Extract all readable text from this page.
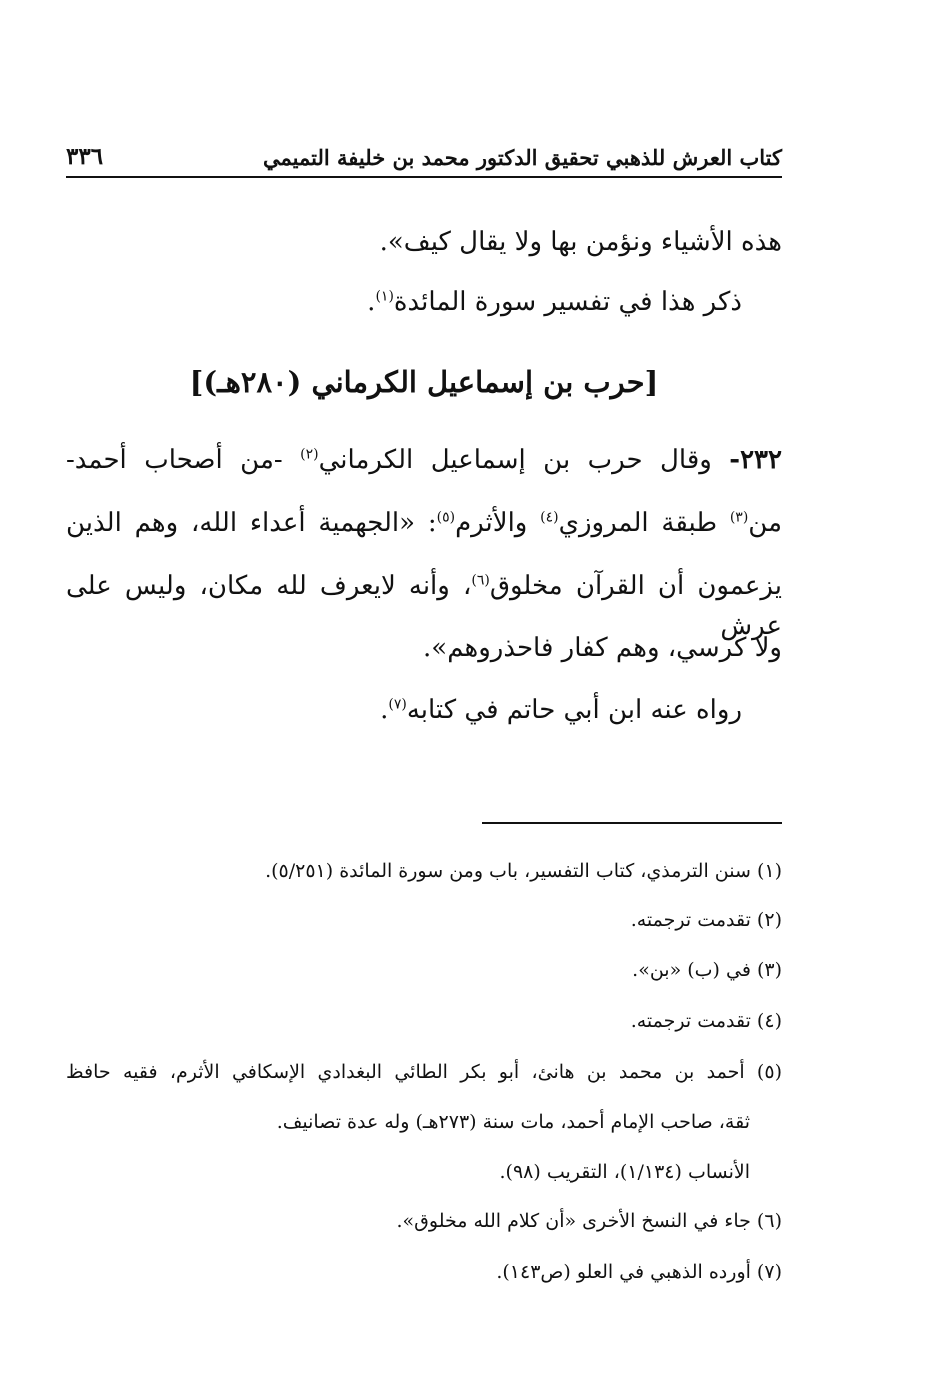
كتاب العرش للذهبي تحقيق الدكتور محمد بن خليفة التميمي
٣٣٦

هذه الأشياء ونؤمن بها ولا يقال كيف».

ذكر هذا في تفسير سورة المائدة$^{(١)}$.

[حرب بن إسماعيل الكرماني (٢٨٠هـ)]

٢٣٢- وقال حرب بن إسماعيل الكرماني$^{(٢)}$ -من أصحاب أحمد-

من$^{(٣)}$ طبقة المروزي$^{(٤)}$ والأثرم$^{(٥)}$: «الجهمية أعداء الله، وهم الذين

يزعمون أن القرآن مخلوق$^{(٦)}$، وأنه لايعرف لله مكان، وليس على عرش

ولا كرسي، وهم كفار فاحذروهم».

رواه عنه ابن أبي حاتم في كتابه$^{(٧)}$.

(١) سنن الترمذي، كتاب التفسير، باب ومن سورة المائدة (٥/٢٥١).

(٢) تقدمت ترجمته.

(٣) في (ب) «بن».

(٤) تقدمت ترجمته.

(٥) أحمد بن محمد بن هانئ، أبو بكر الطائي البغدادي الإسكافي الأثرم، فقيه حافظ

ثقة، صاحب الإمام أحمد، مات سنة (٢٧٣هـ) وله عدة تصانيف.

الأنساب (١/١٣٤)، التقريب (٩٨).

(٦) جاء في النسخ الأخرى «أن كلام الله مخلوق».

(٧) أورده الذهبي في العلو (ص١٤٣).
